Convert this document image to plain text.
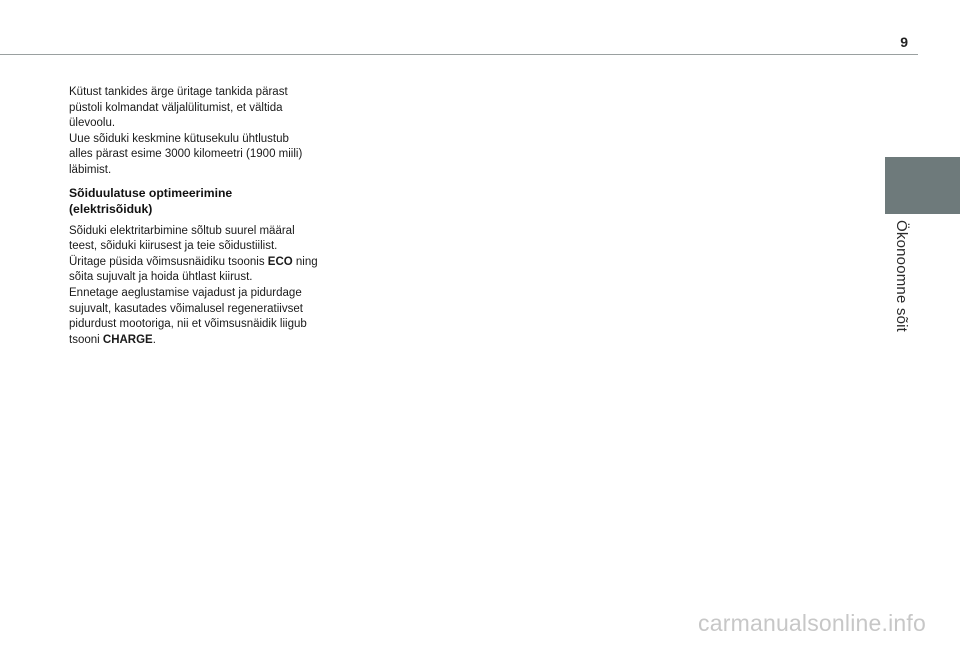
9
Ökonoomne sõit

Kütust tankides ärge üritage tankida pärast

püstoli kolmandat väljalülitumist, et vältida

ülevoolu.

Uue sõiduki keskmine kütusekulu ühtlustub

alles pärast esime 3000 kilomeetri (1900 miili)

läbimist.

Sõiduulatuse optimeerimine
(elektrisõiduk)

Sõiduki elektritarbimine sõltub suurel määral

teest, sõiduki kiirusest ja teie sõidustiilist.

Üritage püsida võimsusnäidiku tsoonis ECO ning

sõita sujuvalt ja hoida ühtlast kiirust.

Ennetage aeglustamise vajadust ja pidurdage

sujuvalt, kasutades võimalusel regeneratiivset

pidurdust mootoriga, nii et võimsusnäidik liigub

tsooni CHARGE.

carmanualsonline.info
